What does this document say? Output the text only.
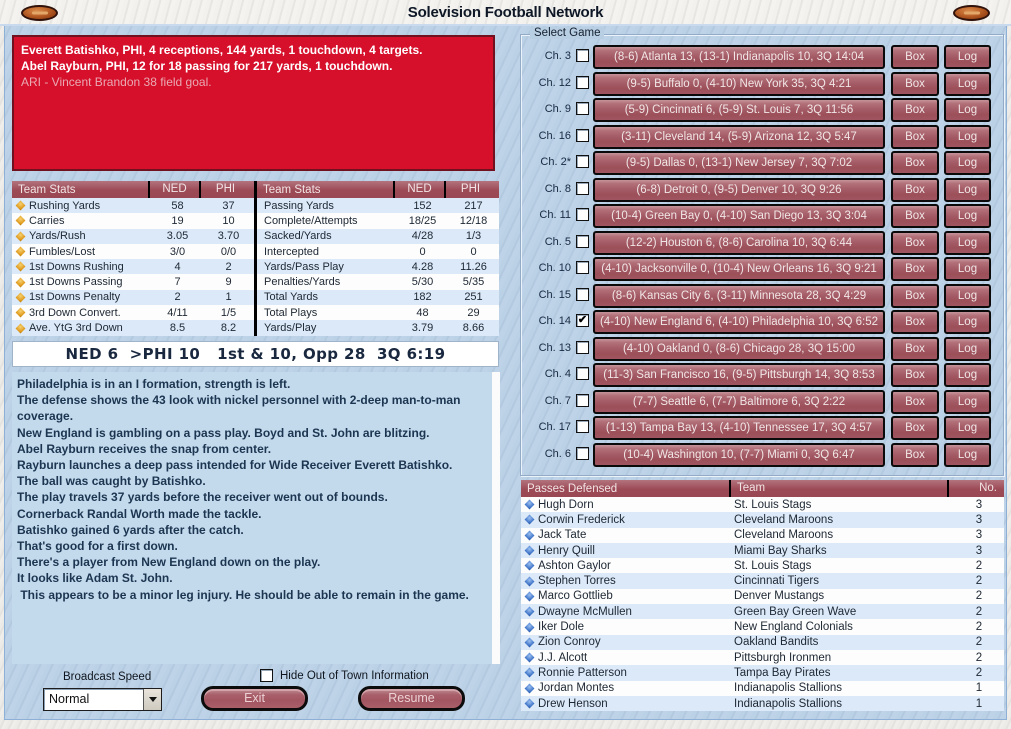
Solevision Football Network
Everett Batishko, PHI, 4 receptions, 144 yards, 1 touchdown, 4 targets.
Abel Rayburn, PHI, 12 for 18 passing for 217 yards, 1 touchdown.
ARI - Vincent Brandon 38 field goal.
Team Stats	NED	PHI
Rushing Yards	58	37
Carries	19	10
Yards/Rush	3.05	3.70
Fumbles/Lost	3/0	0/0
1st Downs Rushing	4	2
1st Downs Passing	7	9
1st Downs Penalty	2	1
3rd Down Convert.	4/11	1/5
Ave. YtG 3rd Down	8.5	8.2
Team Stats	NED	PHI
Passing Yards	152	217
Complete/Attempts	18/25	12/18
Sacked/Yards	4/28	1/3
Intercepted	0	0
Yards/Pass Play	4.28	11.26
Penalties/Yards	5/30	5/35
Total Yards	182	251
Total Plays	48	29
Yards/Play	3.79	8.66
NED 6  >PHI 10   1st & 10, Opp 28  3Q 6:19
Philadelphia is in an I formation, strength is left.
The defense shows the 43 look with nickel personnel with 2-deep man-to-man coverage.
New England is gambling on a pass play. Boyd and St. John are blitzing.
Abel Rayburn receives the snap from center.
Rayburn launches a deep pass intended for Wide Receiver Everett Batishko.
The ball was caught by Batishko.
The play travels 37 yards before the receiver went out of bounds.
Cornerback Randal Worth made the tackle.
Batishko gained 6 yards after the catch.
That's good for a first down.
There's a player from New England down on the play.
It looks like Adam St. John.
This appears to be a minor leg injury. He should be able to remain in the game.
Broadcast Speed
Normal
Hide Out of Town Information
Exit	Resume
Select Game
Ch. 3	(8-6) Atlanta 13, (13-1) Indianapolis 10, 3Q 14:04	Box	Log
Ch. 12	(9-5) Buffalo 0, (4-10) New York 35, 3Q 4:21	Box	Log
Ch. 9	(5-9) Cincinnati 6, (5-9) St. Louis 7, 3Q 11:56	Box	Log
Ch. 16	(3-11) Cleveland 14, (5-9) Arizona 12, 3Q 5:47	Box	Log
Ch. 2*	(9-5) Dallas 0, (13-1) New Jersey 7, 3Q 7:02	Box	Log
Ch. 8	(6-8) Detroit 0, (9-5) Denver 10, 3Q 9:26	Box	Log
Ch. 11	(10-4) Green Bay 0, (4-10) San Diego 13, 3Q 3:04	Box	Log
Ch. 5	(12-2) Houston 6, (8-6) Carolina 10, 3Q 6:44	Box	Log
Ch. 10	(4-10) Jacksonville 0, (10-4) New Orleans 16, 3Q 9:21	Box	Log
Ch. 15	(8-6) Kansas City 6, (3-11) Minnesota 28, 3Q 4:29	Box	Log
Ch. 14 ✔	(4-10) New England 6, (4-10) Philadelphia 10, 3Q 6:52	Box	Log
Ch. 13	(4-10) Oakland 0, (8-6) Chicago 28, 3Q 15:00	Box	Log
Ch. 4	(11-3) San Francisco 16, (9-5) Pittsburgh 14, 3Q 8:53	Box	Log
Ch. 7	(7-7) Seattle 6, (7-7) Baltimore 6, 3Q 2:22	Box	Log
Ch. 17	(1-13) Tampa Bay 13, (4-10) Tennessee 17, 3Q 4:57	Box	Log
Ch. 6	(10-4) Washington 10, (7-7) Miami 0, 3Q 6:47	Box	Log
Passes Defensed	Team	No.
Hugh Dorn	St. Louis Stags	3
Corwin Frederick	Cleveland Maroons	3
Jack Tate	Cleveland Maroons	3
Henry Quill	Miami Bay Sharks	3
Ashton Gaylor	St. Louis Stags	2
Stephen Torres	Cincinnati Tigers	2
Marco Gottlieb	Denver Mustangs	2
Dwayne McMullen	Green Bay Green Wave	2
Iker Dole	New England Colonials	2
Zion Conroy	Oakland Bandits	2
J.J. Alcott	Pittsburgh Ironmen	2
Ronnie Patterson	Tampa Bay Pirates	2
Jordan Montes	Indianapolis Stallions	1
Drew Henson	Indianapolis Stallions	1
